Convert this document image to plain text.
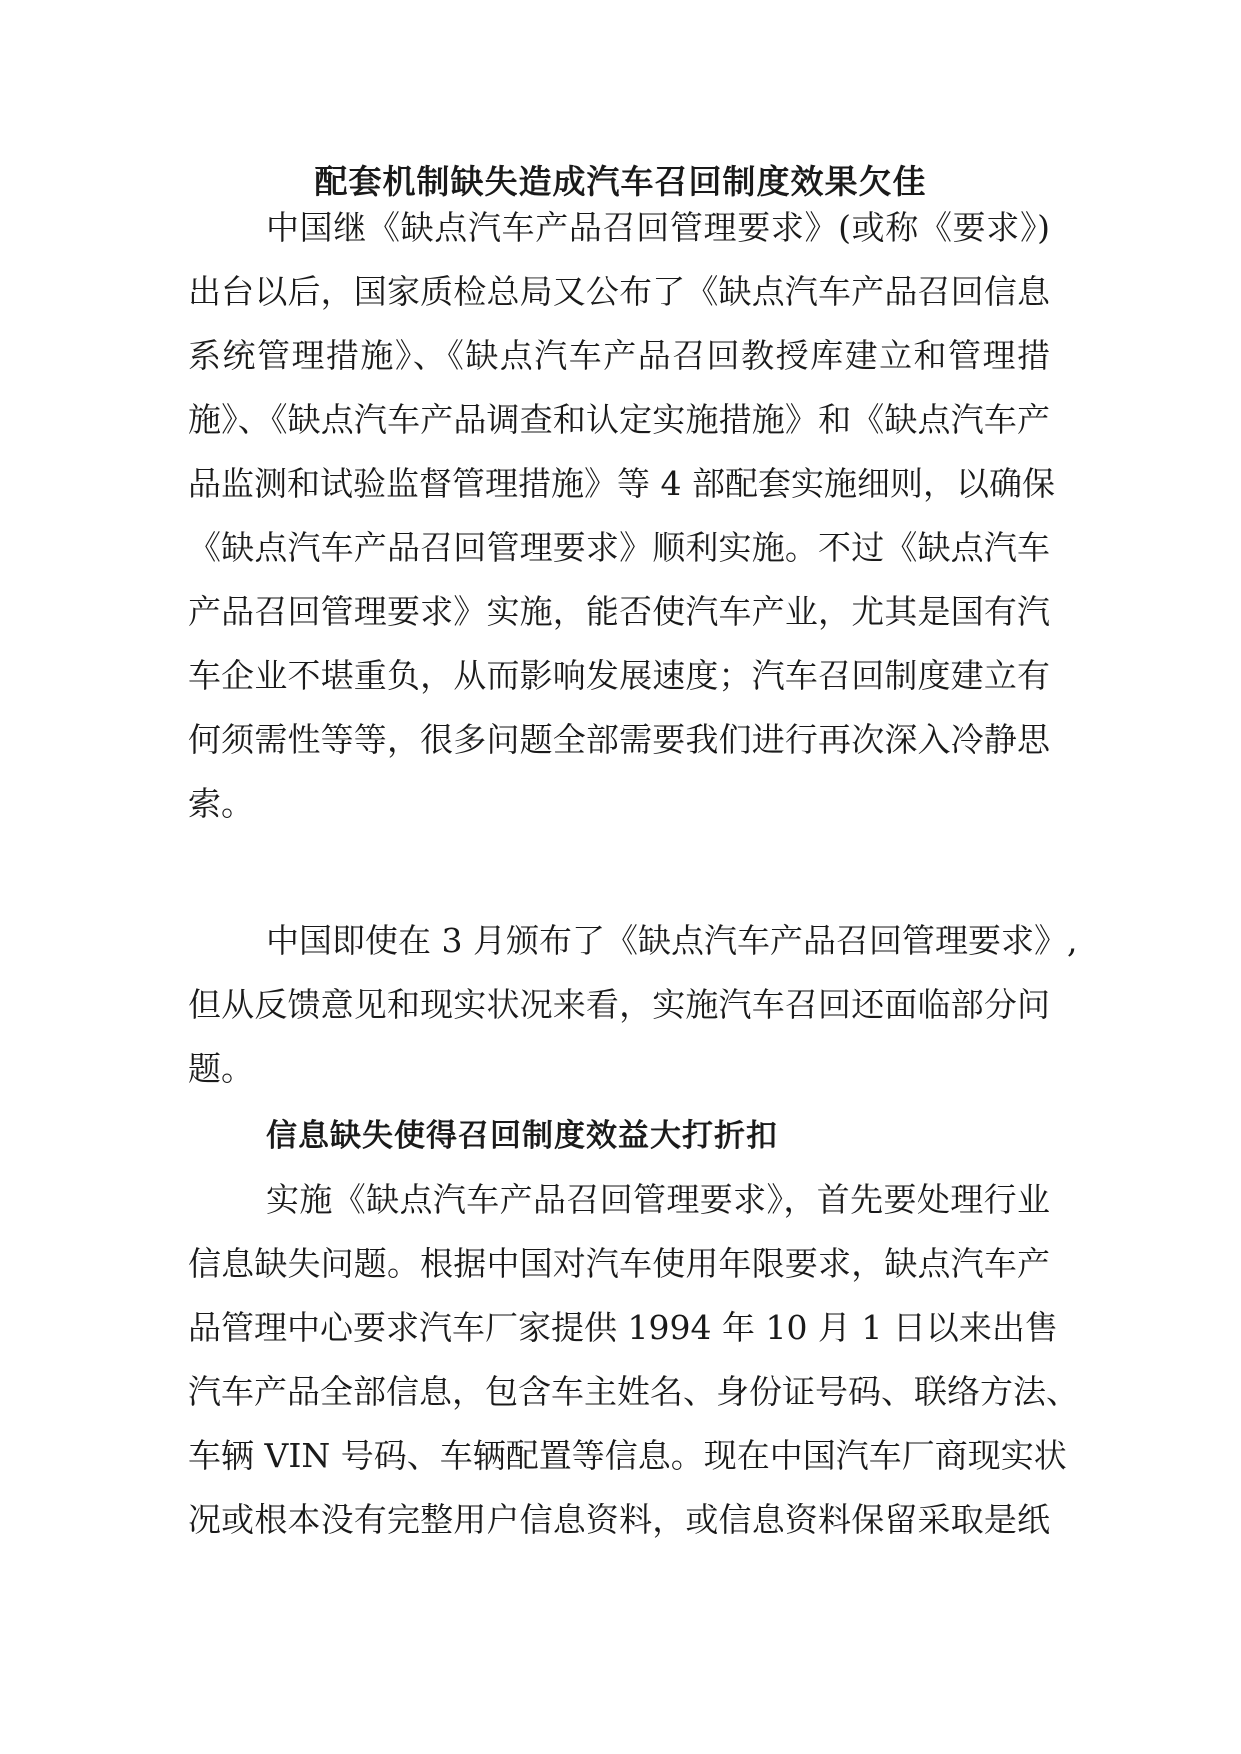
配套机制缺失造成汽车召回制度效果欠佳
中国继《缺点汽车产品召回管理要求》(或称《要求》)
出台以后，国家质检总局又公布了《缺点汽车产品召回信息
系统管理措施》、《缺点汽车产品召回教授库建立和管理措
施》、《缺点汽车产品调查和认定实施措施》和《缺点汽车产
品监测和试验监督管理措施》等 4 部配套实施细则，以确保
《缺点汽车产品召回管理要求》顺利实施。不过《缺点汽车
产品召回管理要求》实施，能否使汽车产业，尤其是国有汽
车企业不堪重负，从而影响发展速度；汽车召回制度建立有
何须需性等等，很多问题全部需要我们进行再次深入冷静思
索。
中国即使在 3 月颁布了《缺点汽车产品召回管理要求》,
但从反馈意见和现实状况来看，实施汽车召回还面临部分问
题。
信息缺失使得召回制度效益大打折扣
实施《缺点汽车产品召回管理要求》，首先要处理行业
信息缺失问题。根据中国对汽车使用年限要求，缺点汽车产
品管理中心要求汽车厂家提供 1994 年 10 月 1 日以来出售
汽车产品全部信息，包含车主姓名、身份证号码、联络方法、
车辆 VIN 号码、车辆配置等信息。现在中国汽车厂商现实状
况或根本没有完整用户信息资料，或信息资料保留采取是纸
